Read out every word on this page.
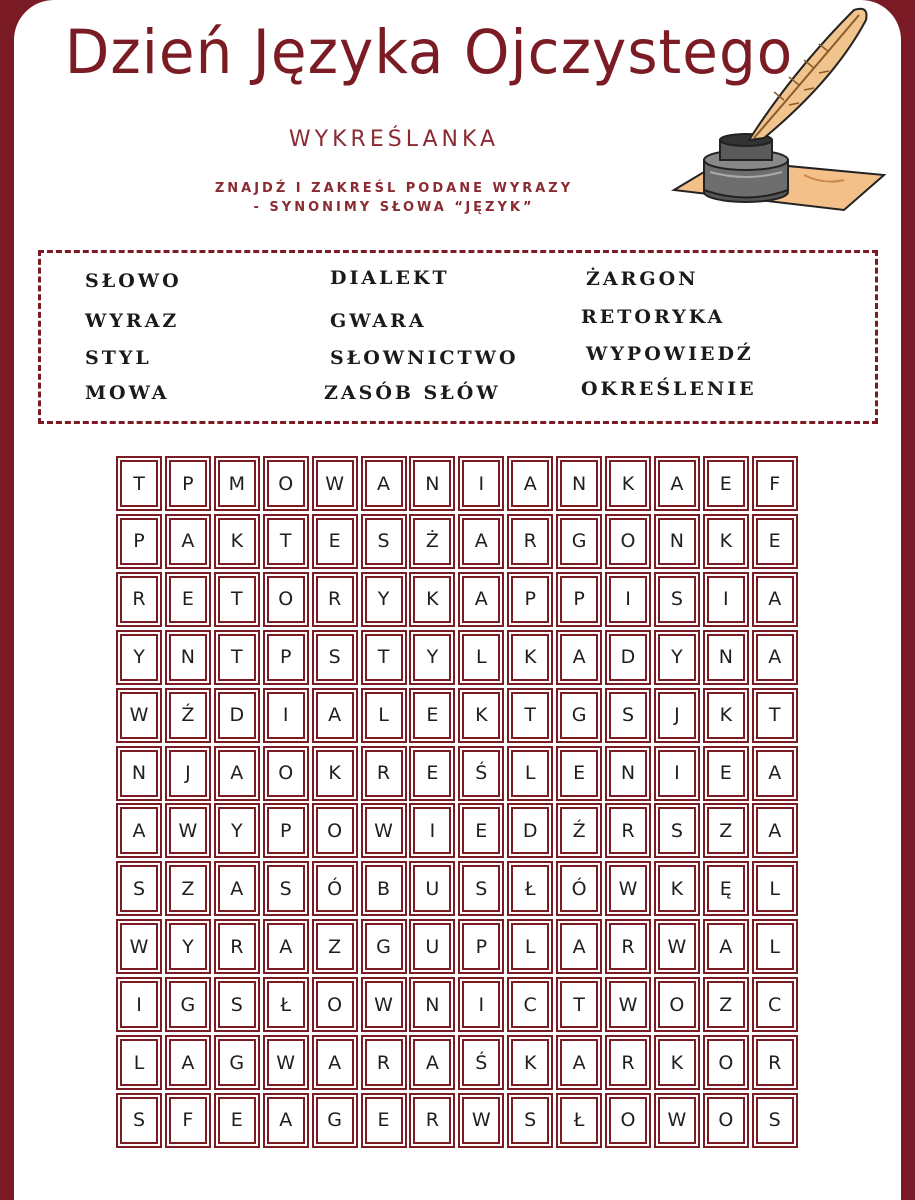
Dzień Języka Ojczystego
WYKREŚLANKA
ZNAJDŹ I ZAKREŚL PODANE WYRAZY
- SYNONIMY SŁOWA “JĘZYK”
SŁOWO
WYRAZ
STYL
MOWA
DIALEKT
GWARA
SŁOWNICTWO
ZASÓB SŁÓW
ŻARGON
RETORYKA
WYPOWIEDŹ
OKREŚLENIE
T	P	M	O	W	A	N	I	A	N	K	A	E	F
P	A	K	T	E	S	Ż	A	R	G	O	N	K	E
R	E	T	O	R	Y	K	A	P	P	I	S	I	A
Y	N	T	P	S	T	Y	L	K	A	D	Y	N	A
W	Ź	D	I	A	L	E	K	T	G	S	J	K	T
N	J	A	O	K	R	E	Ś	L	E	N	I	E	A
A	W	Y	P	O	W	I	E	D	Ź	R	S	Z	A
S	Z	A	S	Ó	B	U	S	Ł	Ó	W	K	Ę	L
W	Y	R	A	Z	G	U	P	L	A	R	W	A	L
I	G	S	Ł	O	W	N	I	C	T	W	O	Z	C
L	A	G	W	A	R	A	Ś	K	A	R	K	O	R
S	F	E	A	G	E	R	W	S	Ł	O	W	O	S
